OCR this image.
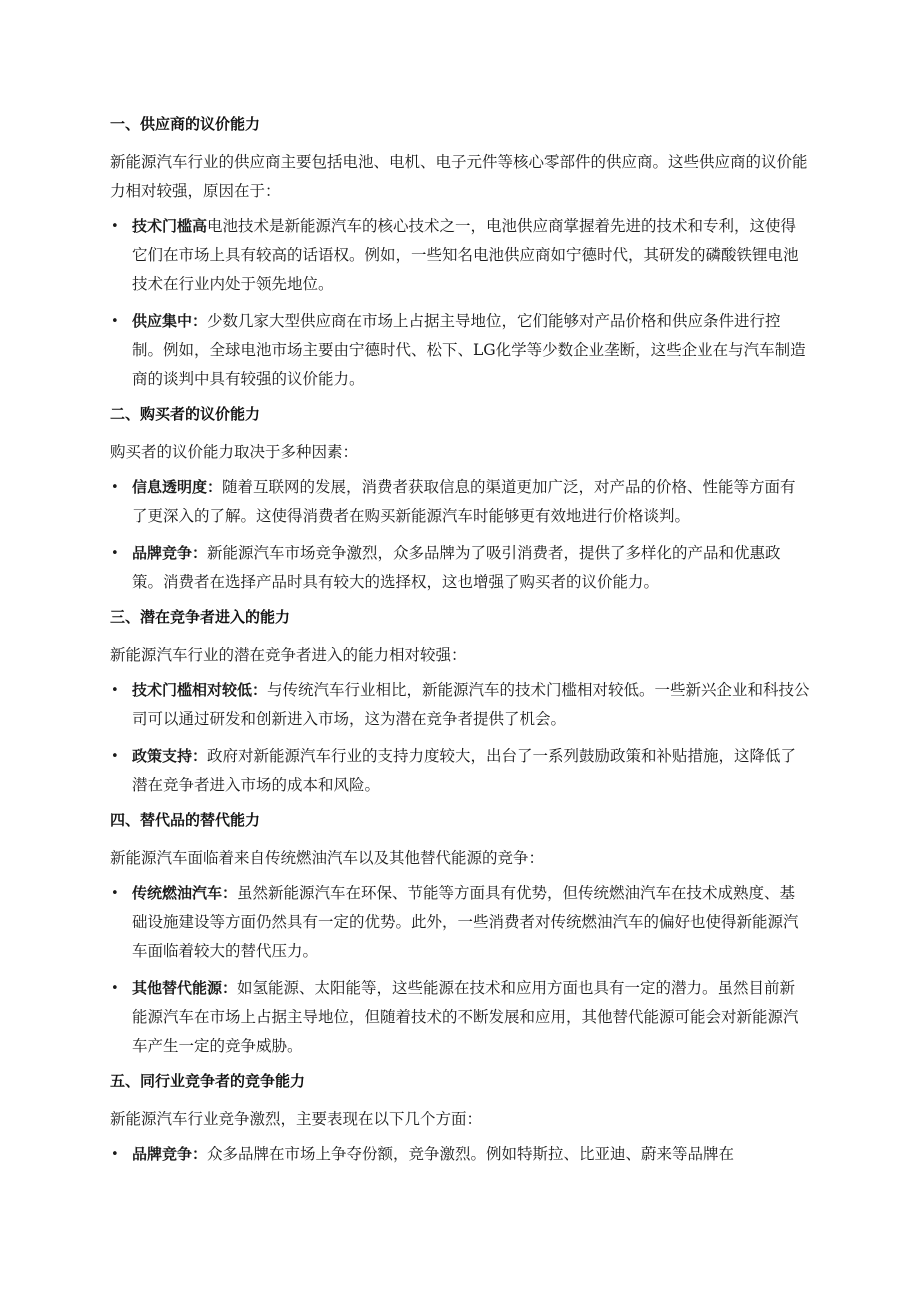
一、供应商的议价能力

新能源汽车行业的供应商主要包括电池、电机、电子元件等核心零部件的供应商。这些供应商的议价能力相对较强，原因在于：

• 技术门槛高电池技术是新能源汽车的核心技术之一，电池供应商掌握着先进的技术和专利，这使得它们在市场上具有较高的话语权。例如，一些知名电池供应商如宁德时代，其研发的磷酸铁锂电池技术在行业内处于领先地位。
• 供应集中：少数几家大型供应商在市场上占据主导地位，它们能够对产品价格和供应条件进行控制。例如，全球电池市场主要由宁德时代、松下、LG化学等少数企业垄断，这些企业在与汽车制造商的谈判中具有较强的议价能力。
二、购买者的议价能力

购买者的议价能力取决于多种因素：

• 信息透明度：随着互联网的发展，消费者获取信息的渠道更加广泛，对产品的价格、性能等方面有了更深入的了解。这使得消费者在购买新能源汽车时能够更有效地进行价格谈判。
• 品牌竞争：新能源汽车市场竞争激烈，众多品牌为了吸引消费者，提供了多样化的产品和优惠政策。消费者在选择产品时具有较大的选择权，这也增强了购买者的议价能力。
三、潜在竞争者进入的能力

新能源汽车行业的潜在竞争者进入的能力相对较强：

• 技术门槛相对较低：与传统汽车行业相比，新能源汽车的技术门槛相对较低。一些新兴企业和科技公司可以通过研发和创新进入市场，这为潜在竞争者提供了机会。
• 政策支持：政府对新能源汽车行业的支持力度较大，出台了一系列鼓励政策和补贴措施，这降低了潜在竞争者进入市场的成本和风险。
四、替代品的替代能力

新能源汽车面临着来自传统燃油汽车以及其他替代能源的竞争：

• 传统燃油汽车：虽然新能源汽车在环保、节能等方面具有优势，但传统燃油汽车在技术成熟度、基础设施建设等方面仍然具有一定的优势。此外，一些消费者对传统燃油汽车的偏好也使得新能源汽车面临着较大的替代压力。
• 其他替代能源：如氢能源、太阳能等，这些能源在技术和应用方面也具有一定的潜力。虽然目前新能源汽车在市场上占据主导地位，但随着技术的不断发展和应用，其他替代能源可能会对新能源汽车产生一定的竞争威胁。
五、同行业竞争者的竞争能力

新能源汽车行业竞争激烈，主要表现在以下几个方面：

• 品牌竞争：众多品牌在市场上争夺份额，竞争激烈。例如特斯拉、比亚迪、蔚来等品牌在
